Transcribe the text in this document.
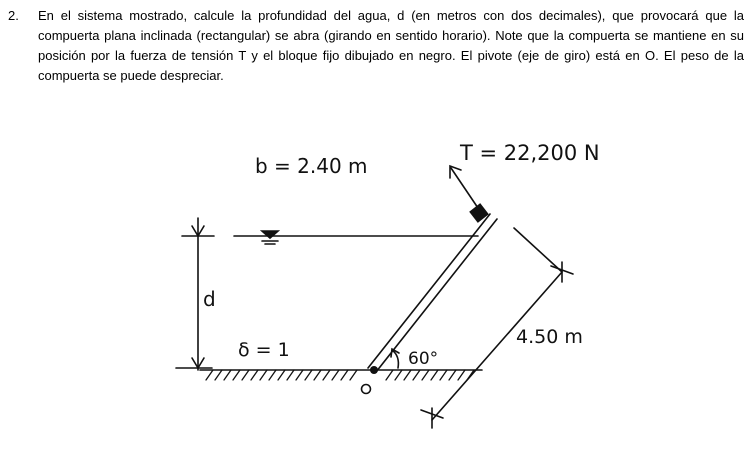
2.	En el sistema mostrado, calcule la profundidad del agua, d (en metros con dos decimales), que provocará que la compuerta plana inclinada (rectangular) se abra (girando en sentido horario). Note que la compuerta se mantiene en su posición por la fuerza de tensión T y el bloque fijo dibujado en negro. El pivote (eje de giro) está en O. El peso de la compuerta se puede despreciar.
b = 2.40 m
T = 22,200 N
d
δ = 1
4.50 m
60°
O
